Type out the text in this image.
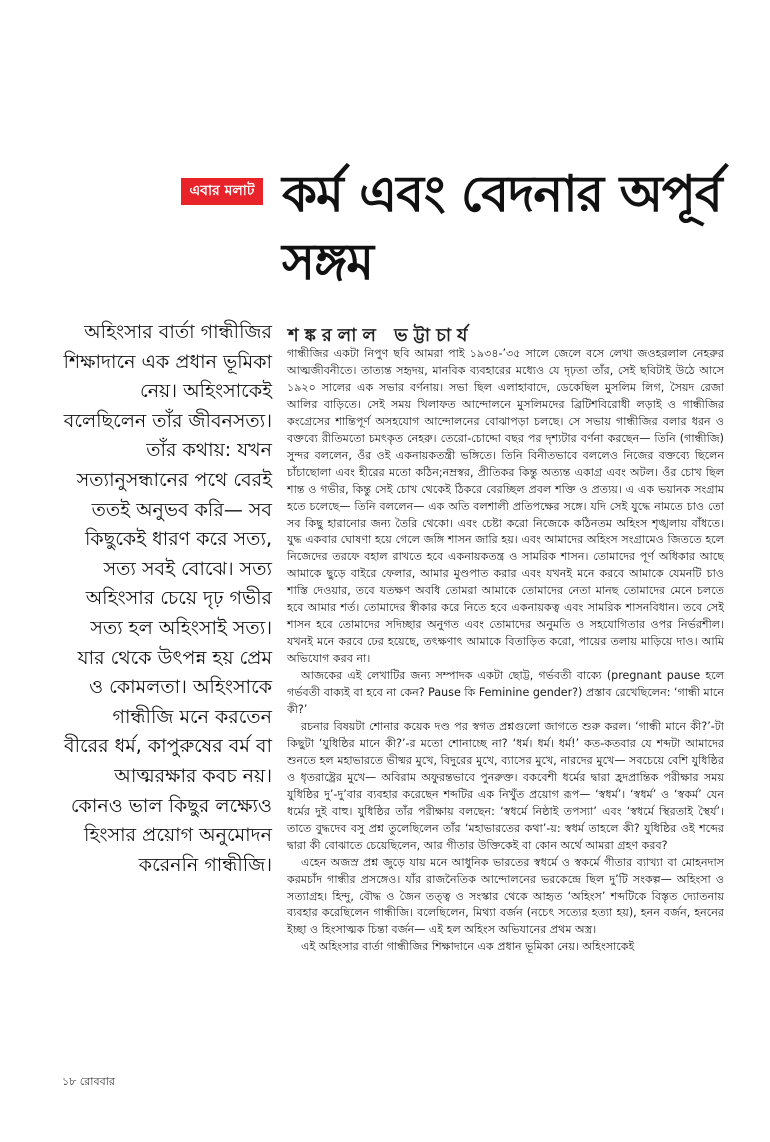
এবার মলাট কর্ম এবং বেদনার অপূর্ব সঙ্গম
শঙ্করলাল ভট্টাচার্য
অহিংসার বার্তা গান্ধীজির শিক্ষাদানে এক প্রধান ভূমিকা নেয়। অহিংসাকেই বলেছিলেন তাঁর জীবনসত্য। তাঁর কথায়: যখন সত্যানুসন্ধানের পথে বেরই ততই অনুভব করি— সব কিছুকেই ধারণ করে সত্য, সত্য সবই বোঝে। সত্য অহিংসার চেয়ে দৃঢ় গভীর সত্য হল অহিংসাই সত্য। যার থেকে উৎপন্ন হয় প্রেম ও কোমলতা। অহিংসাকে গান্ধীজি মনে করতেন বীরের ধর্ম, কাপুরুষের বর্ম বা আত্মরক্ষার কবচ নয়। কোনও ভাল কিছুর লক্ষ্যেও হিংসার প্রয়োগ অনুমোদন করেননি গান্ধীজি।

গান্ধীজির একটা নিপুণ ছবি আমরা পাই ১৯৩৪-’৩৫ সালে জেলে বসে লেখা জওহরলাল নেহরুর আত্মজীবনীতে। তাত্যন্ত সহৃদয়, মানবিক ব্যবহারের মধ্যেও যে দৃঢ়তা তাঁর, সেই ছবিটাই উঠে আসে ১৯২০ সালের এক সভার বর্ণনায়। সভা ছিল এলাহাবাদে, ডেকেছিল মুসলিম লিগ, সৈয়দ রেজা আলির বাড়িতে। সেই সময় খিলাফত আন্দোলনে মুসলিমদের ব্রিটিশবিরোধী লড়াই ও গান্ধীজির কংগ্রেসের শান্তিপূর্ণ অসহযোগ আন্দোলনের বোঝাপড়া চলছে। সে সভায় গান্ধীজির বলার ধরন ও বক্তব্যে রীতিমতো চমৎকৃত নেহরু। তেরো-চোদ্দো বছর পর দৃশ্যটার বর্ণনা করছেন— তিনি (গান্ধীজি) সুন্দর বললেন, ওঁর ওই একনায়কতন্ত্রী ভঙ্গিতে। তিনি বিনীতভাবে বললেও নিজের বক্তব্যে ছিলেন চাঁচাছোলা এবং হীরের মতো কঠিন;নম্রস্বর, প্রীতিকর কিন্তু অত্যন্ত একাগ্র এবং অটল। ওঁর চোখ ছিল শান্ত ও গভীর, কিন্তু সেই চোখ থেকেই ঠিকরে বেরচ্ছিল প্রবল শক্তি ও প্রত্যয়। এ এক ভয়ানক সংগ্রাম হতে চলেছে— তিনি বললেন— এক অতি বলশালী প্রতিপক্ষের সঙ্গে। যদি সেই যুদ্ধে নামতে চাও তো সব কিছু হারানোর জন্য তৈরি থেকো। এবং চেষ্টা করো নিজেকে কঠিনতম অহিংস শৃঙ্খলায় বাঁধতে। যুদ্ধ একবার ঘোষণা হয়ে গেলে জঙ্গি শাসন জারি হয়। এবং আমাদের অহিংস সংগ্রামেও জিততে হলে নিজেদের তরফে বহাল রাখতে হবে একনায়কতন্ত্র ও সামরিক শাসন। তোমাদের পূর্ণ অধিকার আছে আমাকে ছুড়ে বাইরে ফেলার, আমার মুণ্ডপাত করার এবং যখনই মনে করবে আমাকে যেমনটি চাও শাস্তি দেওয়ার, তবে যতক্ষণ অবধি তোমরা আমাকে তোমাদের নেতা মানছ তোমাদের মেনে চলতে হবে আমার শর্ত। তোমাদের স্বীকার করে নিতে হবে একনায়কত্ব এবং সামরিক শাসনবিধান। তবে সেই শাসন হবে তোমাদের সদিচ্ছার অনুগত এবং তোমাদের অনুমতি ও সহযোগিতার ওপর নির্ভরশীল। যখনই মনে করবে ঢের হয়েছে, তৎক্ষণাৎ আমাকে বিতাড়িত করো, পায়ের তলায় মাড়িয়ে দাও। আমি অভিযোগ করব না।

আজকের এই লেখাটির জন্য সম্পাদক একটা ছোট্ট, গর্ভবতী বাক্যে (pregnant pause হলে গর্ভবতী বাক্যই বা হবে না কেন? Pause কি Feminine gender?) প্রস্তাব রেখেছিলেন: ‘গান্ধী মানে কী?’

রচনার বিষয়টা শোনার কয়েক দণ্ড পর স্বগত প্রশ্নগুলো জাগতে শুরু করল। ‘গান্ধী মানে কী?’-টা কিছুটা ‘যুধিষ্ঠির মানে কী?’-র মতো শোনাচ্ছে না? ‘ধর্ম। ধর্ম। ধর্ম!’ কত-কতবার যে শব্দটা আমাদের শুনতে হল মহাভারতে ভীষ্মর মুখে, বিদুরের মুখে, ব্যাসের মুখে, নারদের মুখে— সবচেয়ে বেশি যুধিষ্ঠির ও ধৃতরাষ্ট্রের মুখে— অবিরাম অফুরন্তভাবে পুনরুক্ত। বকবেশী ধর্মের দ্বারা হ্রদপ্রান্তিক পরীক্ষার সময় যুধিষ্ঠির দু’-দু’বার ব্যবহার করেছেন শব্দটির এক নিখুঁত প্রয়োগ রূপ— ‘স্বধর্ম’। ‘স্বধর্ম’ ও ‘স্বকর্ম’ যেন ধর্মের দুই বাহু। যুধিষ্ঠির তাঁর পরীক্ষায় বলছেন: ‘স্বধর্মে নিষ্ঠাই তপস্যা’ এবং ‘স্বধর্মে স্থিরতাই স্থৈর্য’। তাতে বুদ্ধদেব বসু প্রশ্ন তুলেছিলেন তাঁর ‘মহাভারতের কথা’-য়: স্বধর্ম তাহলে কী? যুধিষ্ঠির ওই শব্দের দ্বারা কী বোঝাতে চেয়েছিলেন, আর গীতার উক্তিকেই বা কোন অর্থে আমরা গ্রহণ করব?

এহেন অজস্র প্রশ্ন জুড়ে যায় মনে আধুনিক ভারতের স্বধর্মে ও স্বকর্মে গীতার ব্যাখ্যা বা মোহনদাস করমচাঁদ গান্ধীর প্রসঙ্গেও। যাঁর রাজনৈতিক আন্দোলনের ভরকেন্দ্রে ছিল দু’টি সংকল্প— অহিংসা ও সত্যাগ্রহ। হিন্দু, বৌদ্ধ ও জৈন তত্ত্ব ও সংস্কার থেকে আহৃত ‘অহিংস’ শব্দটিকে বিস্তৃত দ্যোতনায় ব্যবহার করেছিলেন গান্ধীজি। বলেছিলেন, মিথ্যা বর্জন (নচেৎ সত্যের হত্যা হয়), হনন বর্জন, হননের ইচ্ছা ও হিংসাত্মক চিন্তা বর্জন— এই হল অহিংস অভিযানের প্রথম অস্ত্র।

এই অহিংসার বার্তা গান্ধীজির শিক্ষাদানে এক প্রধান ভূমিকা নেয়। অহিংসাকেই

১৮ রোববার
